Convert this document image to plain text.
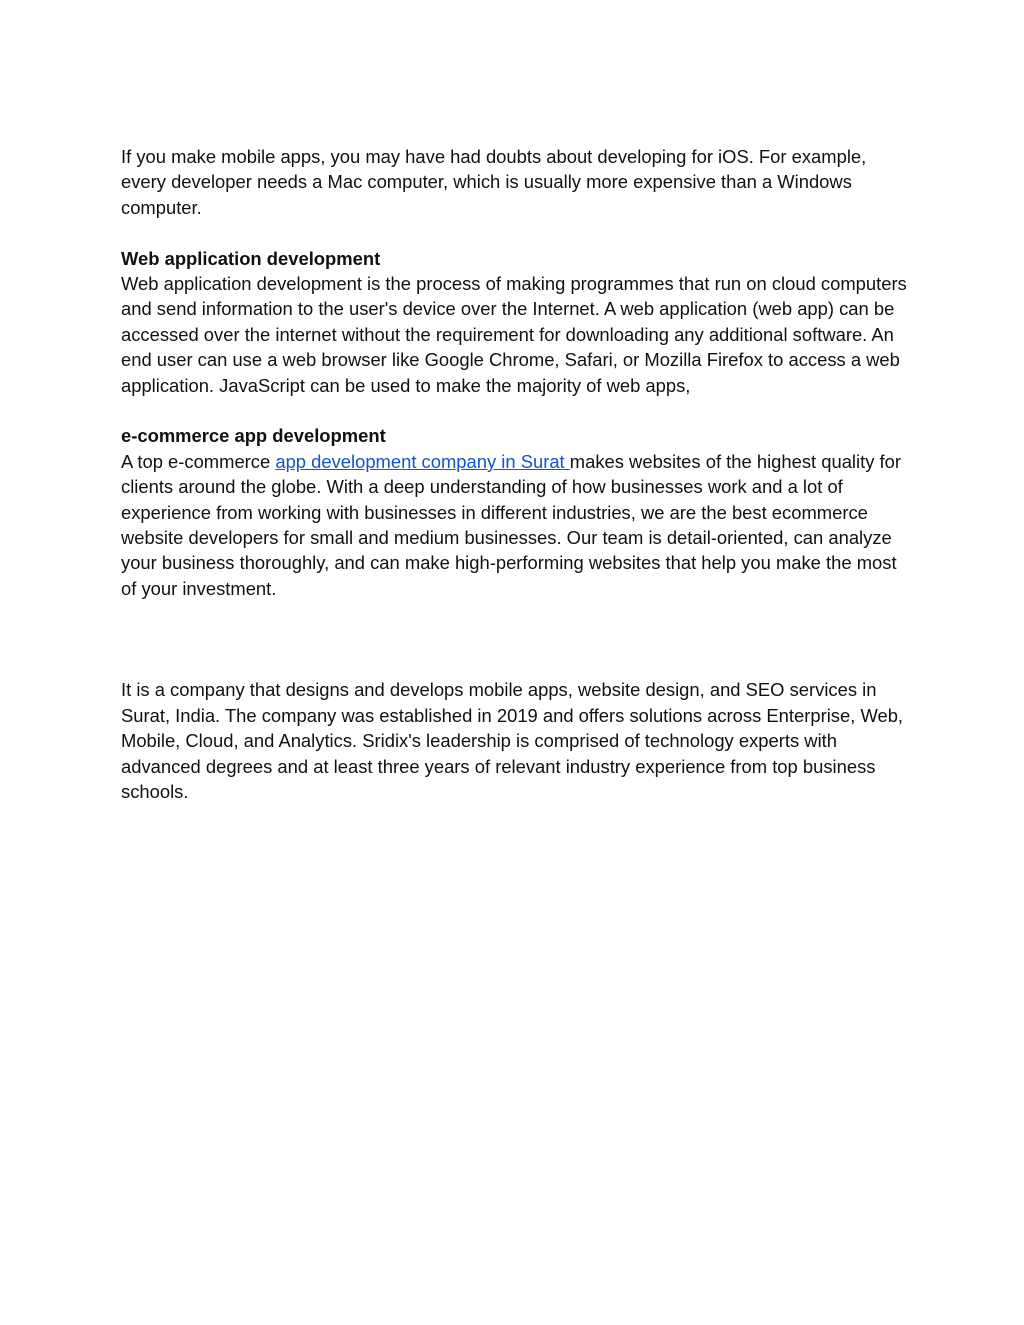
If you make mobile apps, you may have had doubts about developing for iOS. For example, every developer needs a Mac computer, which is usually more expensive than a Windows computer.

Web application development

Web application development is the process of making programmes that run on cloud computers and send information to the user's device over the Internet. A web application (web app) can be accessed over the internet without the requirement for downloading any additional software. An end user can use a web browser like Google Chrome, Safari, or Mozilla Firefox to access a web application. JavaScript can be used to make the majority of web apps,

e-commerce app development

A top e-commerce app development company in Surat makes websites of the highest quality for clients around the globe. With a deep understanding of how businesses work and a lot of experience from working with businesses in different industries, we are the best ecommerce website developers for small and medium businesses. Our team is detail-oriented, can analyze your business thoroughly, and can make high-performing websites that help you make the most of your investment.

It is a company that designs and develops mobile apps, website design, and SEO services in Surat, India. The company was established in 2019 and offers solutions across Enterprise, Web, Mobile, Cloud, and Analytics. Sridix's leadership is comprised of technology experts with advanced degrees and at least three years of relevant industry experience from top business schools.
